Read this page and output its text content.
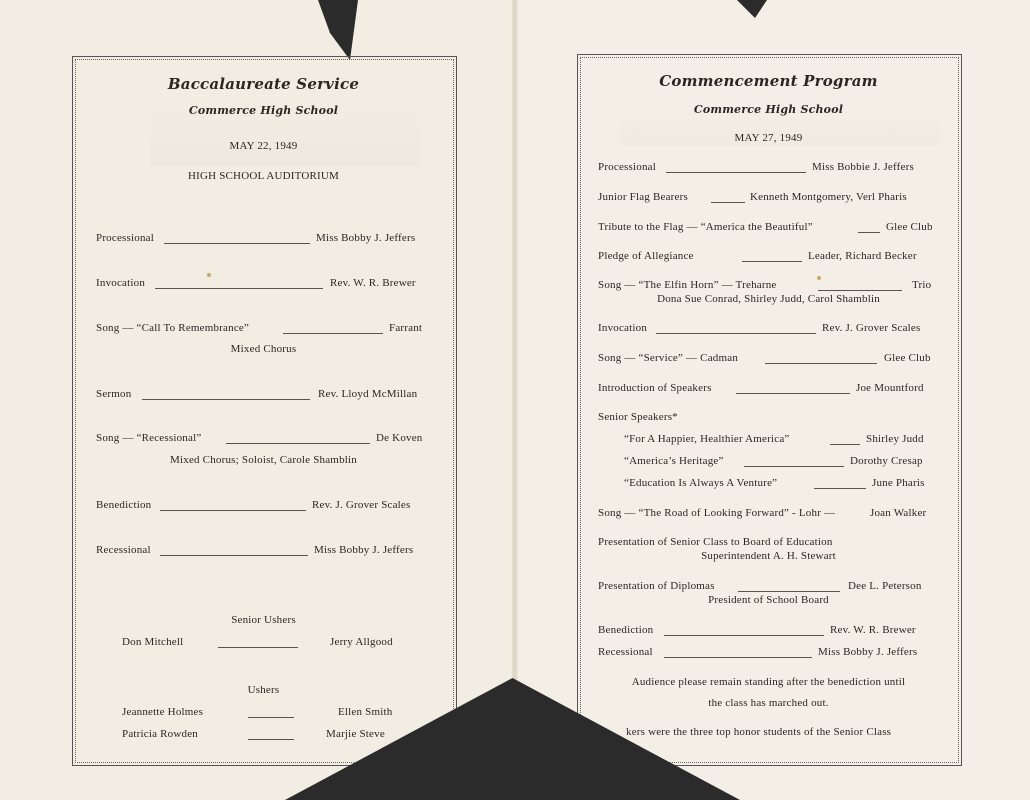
Baccalaureate Service
Commerce High School
MAY 22, 1949
HIGH SCHOOL AUDITORIUM
Processional	Miss Bobby J. Jeffers
Invocation	Rev. W. R. Brewer
Song — “Call To Remembrance”	Farrant
Mixed Chorus
Sermon	Rev. Lloyd McMillan
Song — “Recessional”	De Koven
Mixed Chorus; Soloist, Carole Shamblin
Benediction	Rev. J. Grover Scales
Recessional	Miss Bobby J. Jeffers
Senior Ushers
Don Mitchell	Jerry Allgood
Ushers
Jeannette Holmes	Ellen Smith
Patricia Rowden	Marjie Steve
Commencement Program
Commerce High School
MAY 27, 1949
Processional	Miss Bobbie J. Jeffers
Junior Flag Bearers	Kenneth Montgomery, Verl Pharis
Tribute to the Flag — “America the Beautiful”	Glee Club
Pledge of Allegiance	Leader, Richard Becker
Song — “The Elfin Horn” — Treharne	Trio
Dona Sue Conrad, Shirley Judd, Carol Shamblin
Invocation	Rev. J. Grover Scales
Song — “Service” — Cadman	Glee Club
Introduction of Speakers	Joe Mountford
Senior Speakers*
“For A Happier, Healthier America”	Shirley Judd
“America’s Heritage”	Dorothy Cresap
“Education Is Always A Venture”	June Pharis
Song — “The Road of Looking Forward” - Lohr —	Joan Walker
Presentation of Senior Class to Board of Education
Superintendent A. H. Stewart
Presentation of Diplomas	Dee L. Peterson
President of School Board
Benediction	Rev. W. R. Brewer
Recessional	Miss Bobby J. Jeffers
Audience please remain standing after the benediction until
the class has marched out.
kers were the three top honor students of the Senior Class
